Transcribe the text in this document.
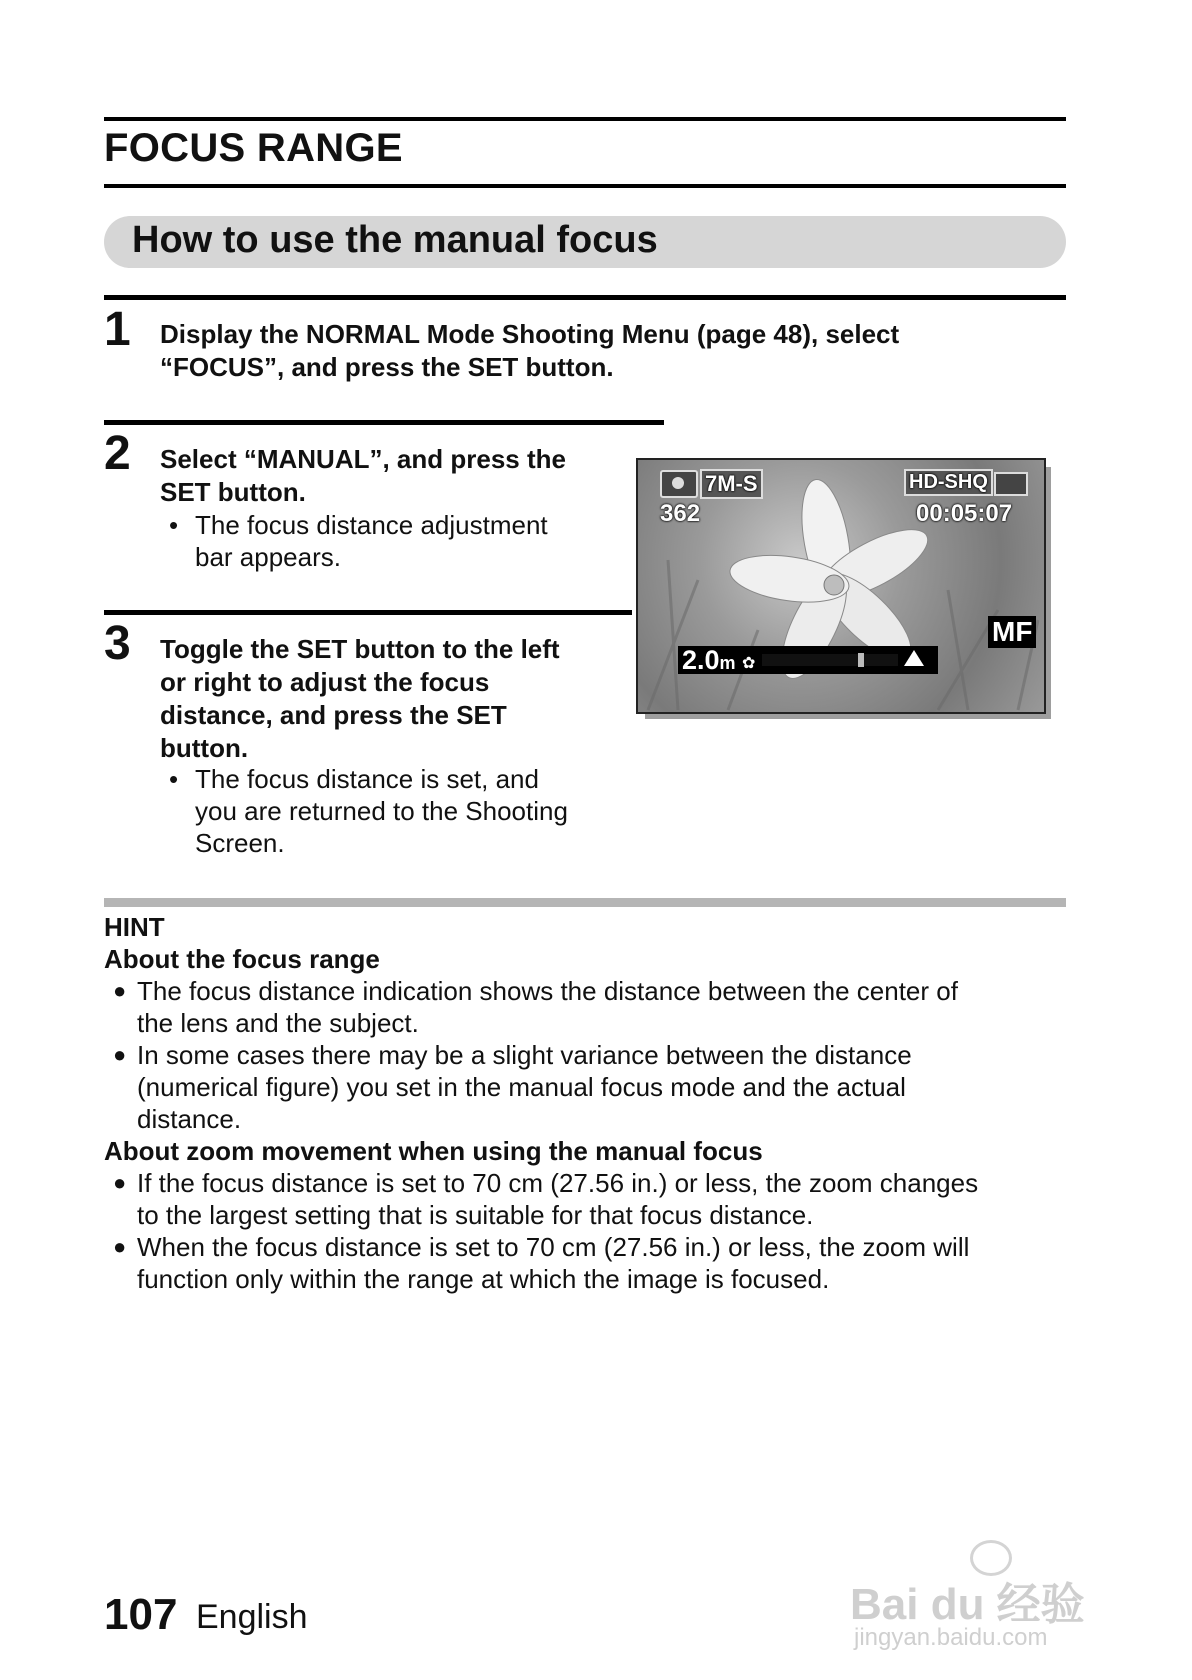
FOCUS RANGE
How to use the manual focus
1 Display the NORMAL Mode Shooting Menu (page 48), select
“FOCUS”, and press the SET button.
2 Select “MANUAL”, and press the
SET button.
• The focus distance adjustment
bar appears.
3 Toggle the SET button to the left
or right to adjust the focus
distance, and press the SET
button.
• The focus distance is set, and
you are returned to the Shooting
Screen.
7M-S
362
HD-SHQ
00:05:07
MF
2.0m ✿
HINT
About the focus range
● The focus distance indication shows the distance between the center of
the lens and the subject.
● In some cases there may be a slight variance between the distance
(numerical figure) you set in the manual focus mode and the actual
distance.
About zoom movement when using the manual focus
● If the focus distance is set to 70 cm (27.56 in.) or less, the zoom changes
to the largest setting that is suitable for that focus distance.
● When the focus distance is set to 70 cm (27.56 in.) or less, the zoom will
function only within the range at which the image is focused.
107 English	Bai du 经验
jingyan.baidu.com
